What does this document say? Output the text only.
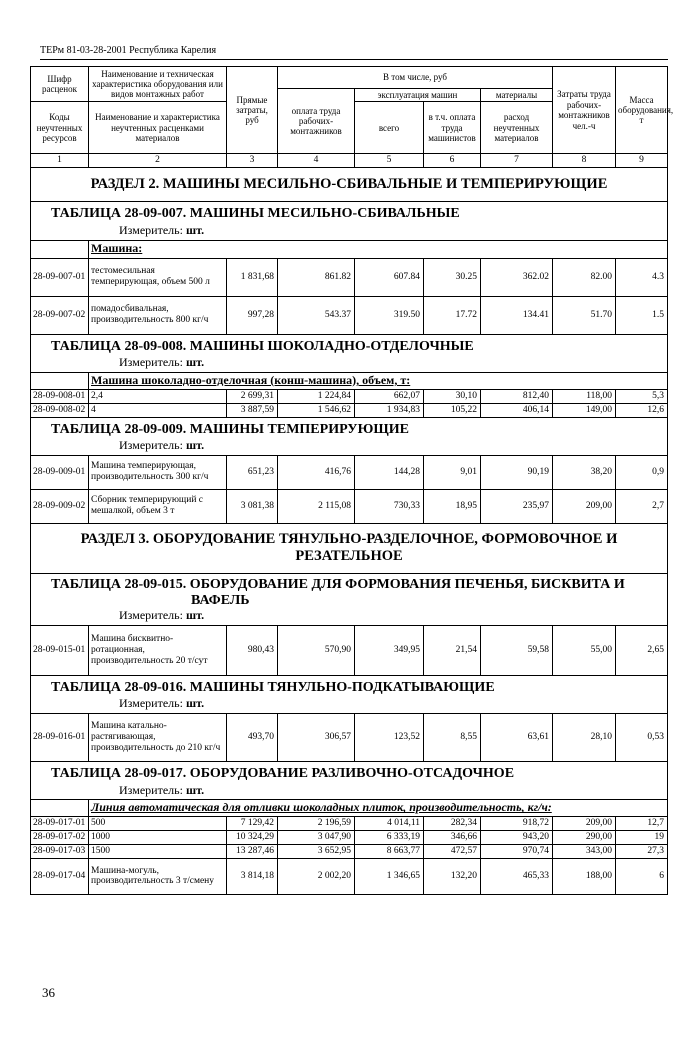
ТЕРм 81-03-28-2001 Республика Карелия
Шифр расценок	Наименование и техническая характеристика оборудования или видов монтажных работ	Прямые затраты, руб	В том числе, руб				Затраты труда рабочих-монтажников чел.-ч	Масса оборудования, т
			оплата труда рабочих-монтажников	эксплуатация машин		материалы		
Коды неучтенных ресурсов	Наименование и характеристика неучтенных расценками материалов			всего	в т.ч. оплата труда машинистов	расход неучтенных материалов		

1	2	3	4	5	6	7	8	9
РАЗДЕЛ 2. МАШИНЫ МЕСИЛЬНО-СБИВАЛЬНЫЕ И ТЕМПЕРИРУЮЩИЕ								
ТАБЛИЦА 28-09-007. МАШИНЫ МЕСИЛЬНО-СБИВАЛЬНЫЕ								
Измеритель: шт.								
	Машина:							
28-09-007-01	тестомесильная темперирующая, объем 500 л	1 831,68	861.82	607.84	30.25	362.02	82.00	4.3
28-09-007-02	помадосбивальная, производительность 800 кг/ч	997,28	543.37	319.50	17.72	134.41	51.70	1.5
ТАБЛИЦА 28-09-008. МАШИНЫ ШОКОЛАДНО-ОТДЕЛОЧНЫЕ								
Измеритель: шт.								
	Машина шоколадно-отделочная (конш-машина), объем, т:							
28-09-008-01	2,4	2 699,31	1 224,84	662,07	30,10	812,40	118,00	5,3
28-09-008-02	4	3 887,59	1 546,62	1 934,83	105,22	406,14	149,00	12,6
ТАБЛИЦА 28-09-009. МАШИНЫ ТЕМПЕРИРУЮЩИЕ								
Измеритель: шт.								
28-09-009-01	Машина темперирующая, производительность 300 кг/ч	651,23	416,76	144,28	9,01	90,19	38,20	0,9
28-09-009-02	Сборник темперирующий с мешалкой, объем 3 т	3 081,38	2 115,08	730,33	18,95	235,97	209,00	2,7
РАЗДЕЛ 3. ОБОРУДОВАНИЕ ТЯНУЛЬНО-РАЗДЕЛОЧНОЕ, ФОРМОВОЧНОЕ И РЕЗАТЕЛЬНОЕ								

ТАБЛИЦА 28-09-015. ОБОРУДОВАНИЕ ДЛЯ ФОРМОВАНИЯ ПЕЧЕНЬЯ, БИСКВИТА И
ВАФЕЛЬ								

Измеритель: шт.								
28-09-015-01	Машина бисквитно-ротационная, производительность 20 т/сут	980,43	570,90	349,95	21,54	59,58	55,00	2,65
ТАБЛИЦА 28-09-016. МАШИНЫ ТЯНУЛЬНО-ПОДКАТЫВАЮЩИЕ								
Измеритель: шт.								
28-09-016-01	Машина катально-растягивающая, производительность до 210 кг/ч	493,70	306,57	123,52	8,55	63,61	28,10	0,53
ТАБЛИЦА 28-09-017. ОБОРУДОВАНИЕ РАЗЛИВОЧНО-ОТСАДОЧНОЕ								
Измеритель: шт.								
	Линия автоматическая для отливки шоколадных плиток, производительность, кг/ч:							
28-09-017-01	500	7 129,42	2 196,59	4 014,11	282,34	918,72	209,00	12,7
28-09-017-02	1000	10 324,29	3 047,90	6 333,19	346,66	943,20	290,00	19
28-09-017-03	1500	13 287,46	3 652,95	8 663,77	472,57	970,74	343,00	27,3
28-09-017-04	Машина-могуль, производительность 3 т/смену	3 814,18	2 002,20	1 346,65	132,20	465,33	188,00	6
36
